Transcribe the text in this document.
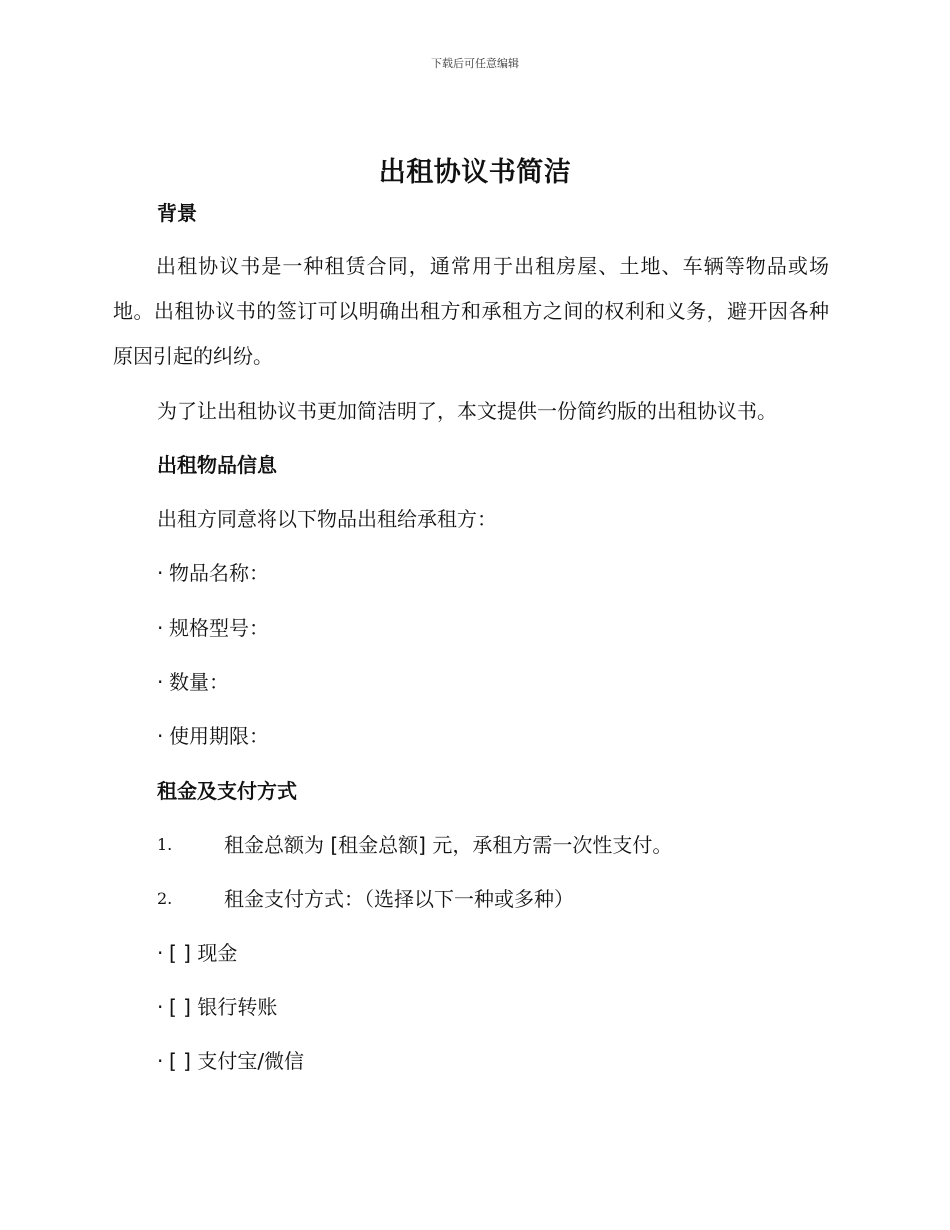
下载后可任意编辑
出租协议书简洁
背景
出租协议书是一种租赁合同，通常用于出租房屋、土地、车辆等物品或场地。出租协议书的签订可以明确出租方和承租方之间的权利和义务，避开因各种原因引起的纠纷。
为了让出租协议书更加简洁明了，本文提供一份简约版的出租协议书。
出租物品信息
出租方同意将以下物品出租给承租方：
· 物品名称：
· 规格型号：
· 数量：
· 使用期限：
租金及支付方式
1.	租金总额为 [租金总额] 元，承租方需一次性支付。
2.	租金支付方式：（选择以下一种或多种）
· [ ] 现金
· [ ] 银行转账
· [ ] 支付宝/微信
